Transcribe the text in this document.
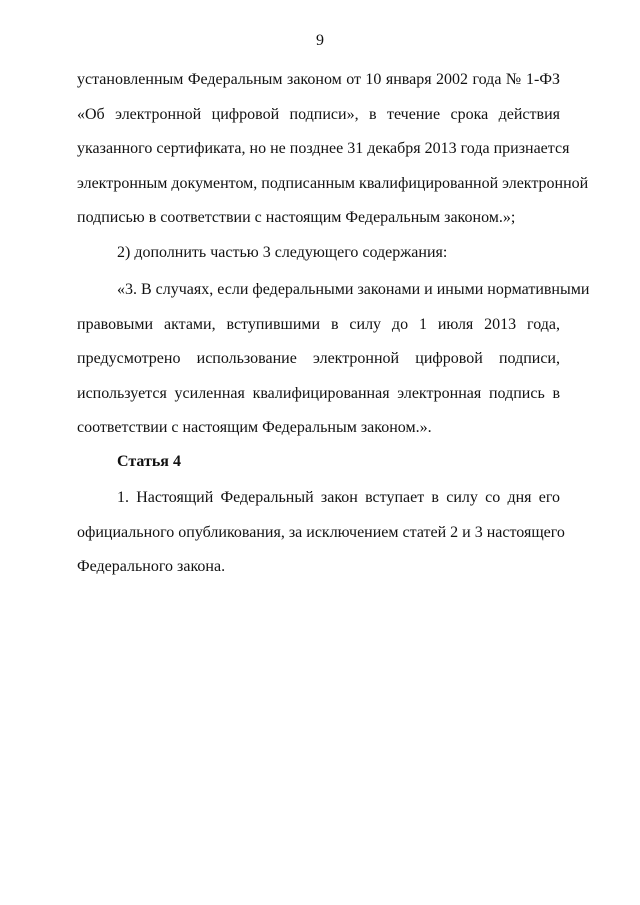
9
установленным Федеральным законом от 10 января 2002 года № 1-ФЗ
«Об электронной цифровой подписи», в течение срока действия
указанного сертификата, но не позднее 31 декабря 2013 года признается
электронным документом, подписанным квалифицированной электронной
подписью в соответствии с настоящим Федеральным законом.»;
2) дополнить частью 3 следующего содержания:
«3. В случаях, если федеральными законами и иными нормативными
правовыми актами, вступившими в силу до 1 июля 2013 года,
предусмотрено использование электронной цифровой подписи,
используется усиленная квалифицированная электронная подпись в
соответствии с настоящим Федеральным законом.».
Статья 4
1. Настоящий Федеральный закон вступает в силу со дня его
официального опубликования, за исключением статей 2 и 3 настоящего
Федерального закона.
